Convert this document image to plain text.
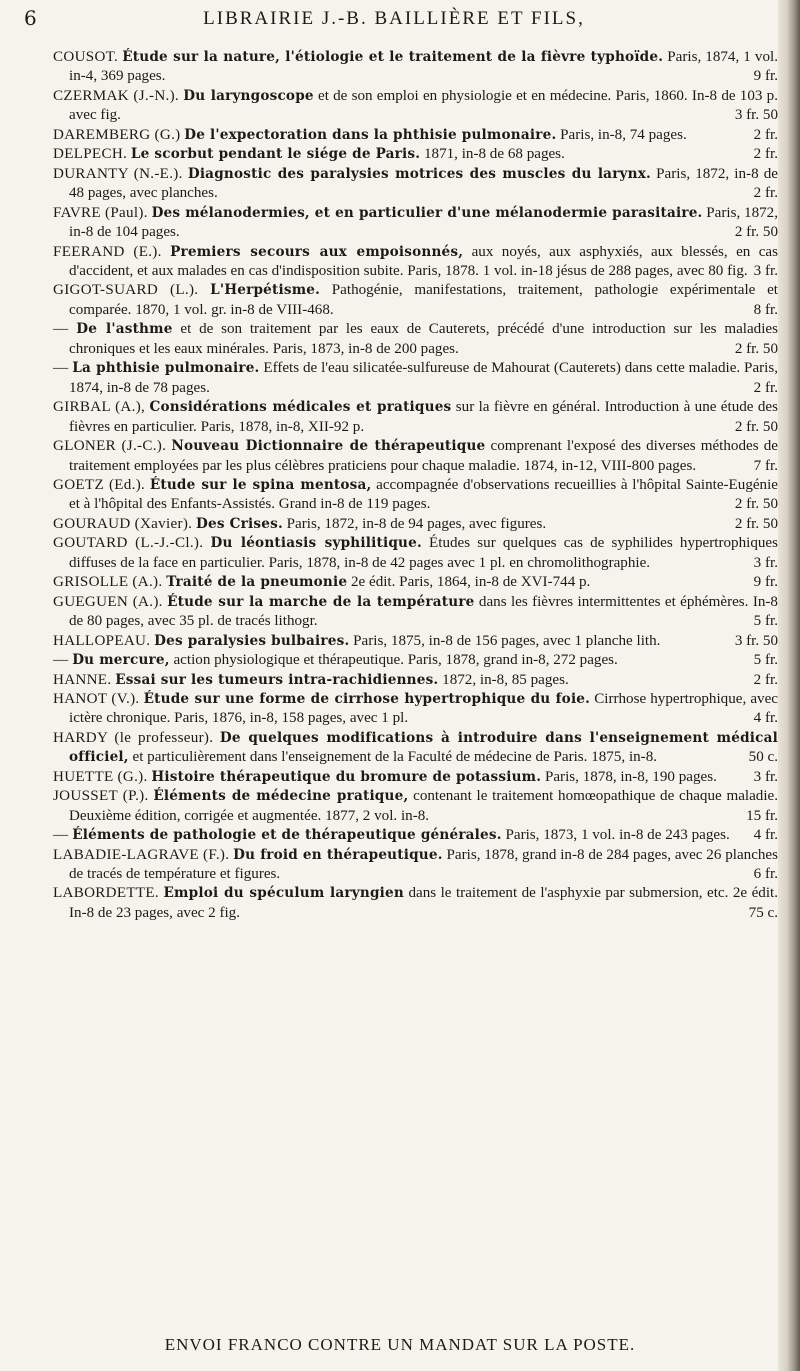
6	LIBRAIRIE J.-B. BAILLIÈRE ET FILS,

COUSOT. Étude sur la nature, l'étiologie et le traitement de la fièvre typhoïde. Paris, 1874, 1 vol. in-4, 369 pages.	9 fr.

CZERMAK (J.-N.). Du laryngoscope et de son emploi en physiologie et en médecine. Paris, 1860. In-8 de 103 p. avec fig.	3 fr. 50

DAREMBERG (G.) De l'expectoration dans la phthisie pulmonaire. Paris, in-8, 74 pages.	2 fr.

DELPECH. Le scorbut pendant le siége de Paris. 1871, in-8 de 68 pages.	2 fr.

DURANTY (N.-E.). Diagnostic des paralysies motrices des muscles du larynx. Paris, 1872, in-8 de 48 pages, avec planches.	2 fr.

FAVRE (Paul). Des mélanodermies, et en particulier d'une mélanodermie parasitaire. Paris, 1872, in-8 de 104 pages.	2 fr. 50

FEERAND (E.). Premiers secours aux empoisonnés, aux noyés, aux asphyxiés, aux blessés, en cas d'accident, et aux malades en cas d'indisposition subite. Paris, 1878. 1 vol. in-18 jésus de 288 pages, avec 80 fig. 3 fr.

GIGOT-SUARD (L.). L'Herpétisme. Pathogénie, manifestations, traitement, pathologie expérimentale et comparée. 1870, 1 vol. gr. in-8 de VIII-468.	8 fr.

— De l'asthme et de son traitement par les eaux de Cauterets, précédé d'une introduction sur les maladies chroniques et les eaux minérales. Paris, 1873, in-8 de 200 pages.	2 fr. 50

— La phthisie pulmonaire. Effets de l'eau silicatée-sulfureuse de Mahourat (Cauterets) dans cette maladie. Paris, 1874, in-8 de 78 pages.	2 fr.

GIRBAL (A.), Considérations médicales et pratiques sur la fièvre en général. Introduction à une étude des fièvres en particulier. Paris, 1878, in-8, XII-92 p.	2 fr. 50

GLONER (J.-C.). Nouveau Dictionnaire de thérapeutique comprenant l'exposé des diverses méthodes de traitement employées par les plus célèbres praticiens pour chaque maladie. 1874, in-12, VIII-800 pages.	7 fr.

GOETZ (Ed.). Étude sur le spina mentosa, accompagnée d'observations recueillies à l'hôpital Sainte-Eugénie et à l'hôpital des Enfants-Assistés. Grand in-8 de 119 pages.	2 fr. 50

GOURAUD (Xavier). Des Crises. Paris, 1872, in-8 de 94 pages, avec figures.	2 fr. 50

GOUTARD (L.-J.-Cl.). Du léontiasis syphilitique. Études sur quelques cas de syphilides hypertrophiques diffuses de la face en particulier. Paris, 1878, in-8 de 42 pages avec 1 pl. en chromolithographie.	3 fr.

GRISOLLE (A.). Traité de la pneumonie 2e édit. Paris, 1864, in-8 de XVI-744 p.	9 fr.

GUEGUEN (A.). Étude sur la marche de la température dans les fièvres intermittentes et éphémères. In-8 de 80 pages, avec 35 pl. de tracés lithogr.	5 fr.

HALLOPEAU. Des paralysies bulbaires. Paris, 1875, in-8 de 156 pages, avec 1 planche lith.	3 fr. 50

— Du mercure, action physiologique et thérapeutique. Paris, 1878, grand in-8, 272 pages.	5 fr.

HANNE. Essai sur les tumeurs intra-rachidiennes. 1872, in-8, 85 pages.	2 fr.

HANOT (V.). Étude sur une forme de cirrhose hypertrophique du foie. Cirrhose hypertrophique, avec ictère chronique. Paris, 1876, in-8, 158 pages, avec 1 pl.	4 fr.

HARDY (le professeur). De quelques modifications à introduire dans l'enseignement médical officiel, et particulièrement dans l'enseignement de la Faculté de médecine de Paris. 1875, in-8.	50 c.

HUETTE (G.). Histoire thérapeutique du bromure de potassium. Paris, 1878, in-8, 190 pages. 3 fr.

JOUSSET (P.). Éléments de médecine pratique, contenant le traitement homœopathique de chaque maladie. Deuxième édition, corrigée et augmentée. 1877, 2 vol. in-8.	15 fr.

— Éléments de pathologie et de thérapeutique générales. Paris, 1873, 1 vol. in-8 de 243 pages. 4 fr.

LABADIE-LAGRAVE (F.). Du froid en thérapeutique. Paris, 1878, grand in-8 de 284 pages, avec 26 planches de tracés de température et figures.	6 fr.

LABORDETTE. Emploi du spéculum laryngien dans le traitement de l'asphyxie par submersion, etc. 2e édit. In-8 de 23 pages, avec 2 fig.	75 c.

ENVOI FRANCO CONTRE UN MANDAT SUR LA POSTE.
